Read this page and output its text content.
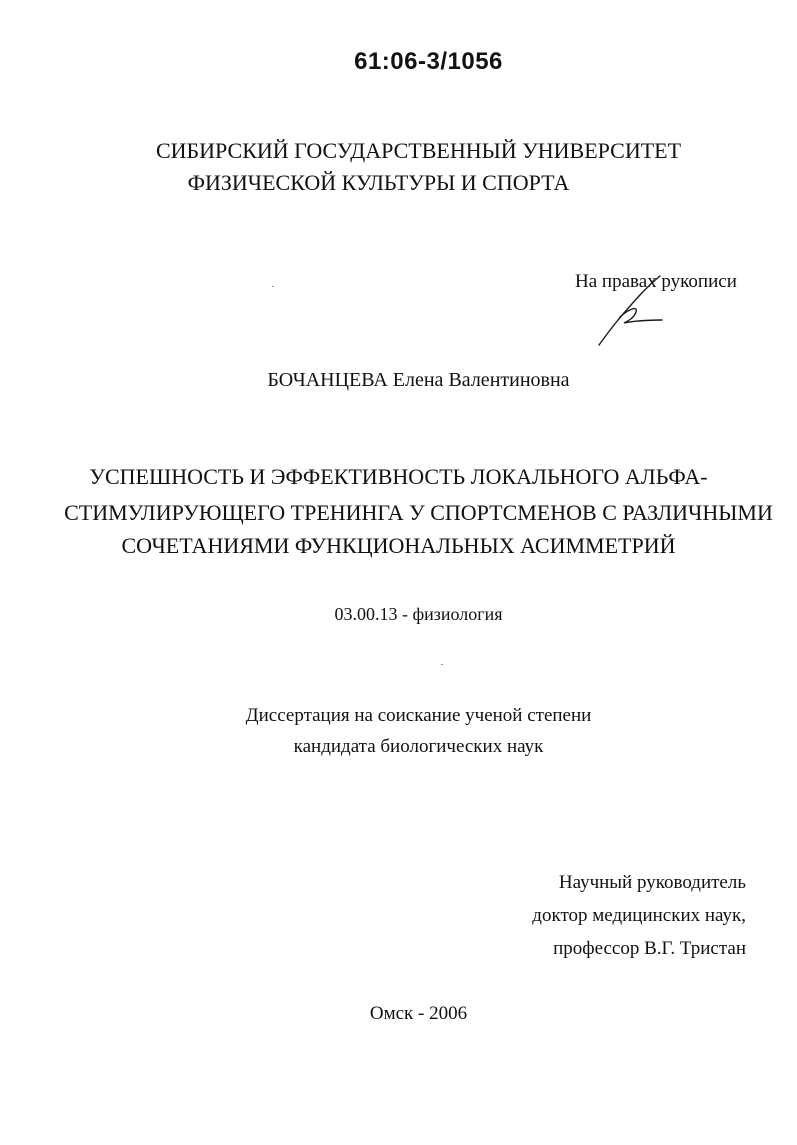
61:06-3/1056
СИБИРСКИЙ ГОСУДАРСТВЕННЫЙ УНИВЕРСИТЕТ
ФИЗИЧЕСКОЙ КУЛЬТУРЫ И СПОРТА
На правах рукописи
БОЧАНЦЕВА Елена Валентиновна
УСПЕШНОСТЬ И ЭФФЕКТИВНОСТЬ ЛОКАЛЬНОГО АЛЬФА-
СТИМУЛИРУЮЩЕГО ТРЕНИНГА У СПОРТСМЕНОВ С РАЗЛИЧНЫМИ
СОЧЕТАНИЯМИ ФУНКЦИОНАЛЬНЫХ АСИММЕТРИЙ
03.00.13 - физиология
Диссертация на соискание ученой степени
кандидата биологических наук
Научный руководитель
доктор медицинских наук,
профессор В.Г. Тристан
Омск - 2006
